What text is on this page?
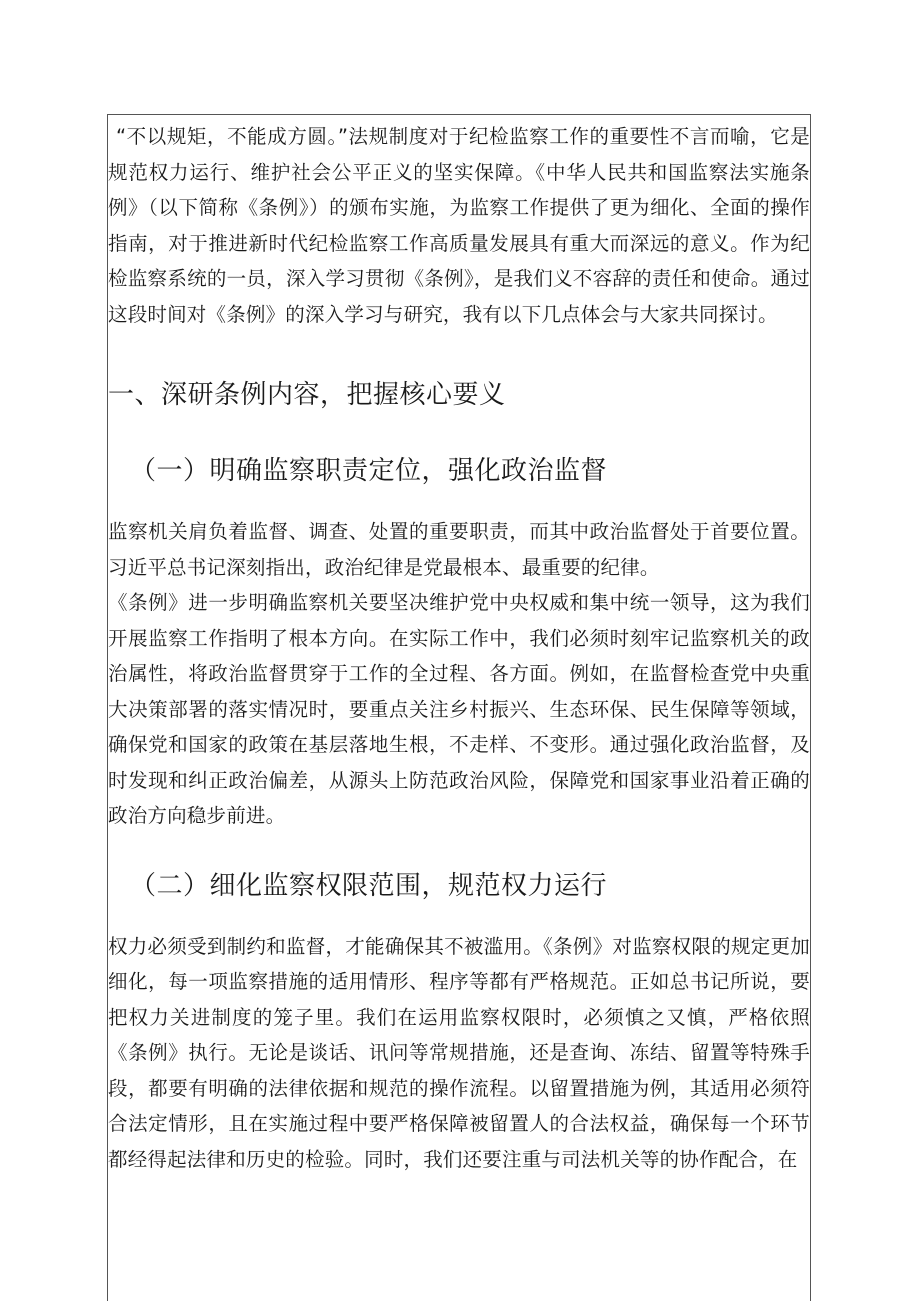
“不以规矩，不能成方圆。”法规制度对于纪检监察工作的重要性不言而喻，它是规范权力运行、维护社会公平正义的坚实保障。《中华人民共和国监察法实施条例》（以下简称《条例》）的颁布实施，为监察工作提供了更为细化、全面的操作指南，对于推进新时代纪检监察工作高质量发展具有重大而深远的意义。作为纪检监察系统的一员，深入学习贯彻《条例》，是我们义不容辞的责任和使命。通过这段时间对《条例》的深入学习与研究，我有以下几点体会与大家共同探讨。

一、深研条例内容，把握核心要义
（一）明确监察职责定位，强化政治监督

监察机关肩负着监督、调查、处置的重要职责，而其中政治监督处于首要位置。习近平总书记深刻指出，政治纪律是党最根本、最重要的纪律。

《条例》进一步明确监察机关要坚决维护党中央权威和集中统一领导，这为我们开展监察工作指明了根本方向。在实际工作中，我们必须时刻牢记监察机关的政治属性，将政治监督贯穿于工作的全过程、各方面。例如，在监督检查党中央重大决策部署的落实情况时，要重点关注乡村振兴、生态环保、民生保障等领域，确保党和国家的政策在基层落地生根，不走样、不变形。通过强化政治监督，及时发现和纠正政治偏差，从源头上防范政治风险，保障党和国家事业沿着正确的政治方向稳步前进。

（二）细化监察权限范围，规范权力运行

权力必须受到制约和监督，才能确保其不被滥用。《条例》对监察权限的规定更加细化，每一项监察措施的适用情形、程序等都有严格规范。正如总书记所说，要把权力关进制度的笼子里。我们在运用监察权限时，必须慎之又慎，严格依照《条例》执行。无论是谈话、讯问等常规措施，还是查询、冻结、留置等特殊手段，都要有明确的法律依据和规范的操作流程。以留置措施为例，其适用必须符合法定情形，且在实施过程中要严格保障被留置人的合法权益，确保每一个环节都经得起法律和历史的检验。同时，我们还要注重与司法机关等的协作配合，在
